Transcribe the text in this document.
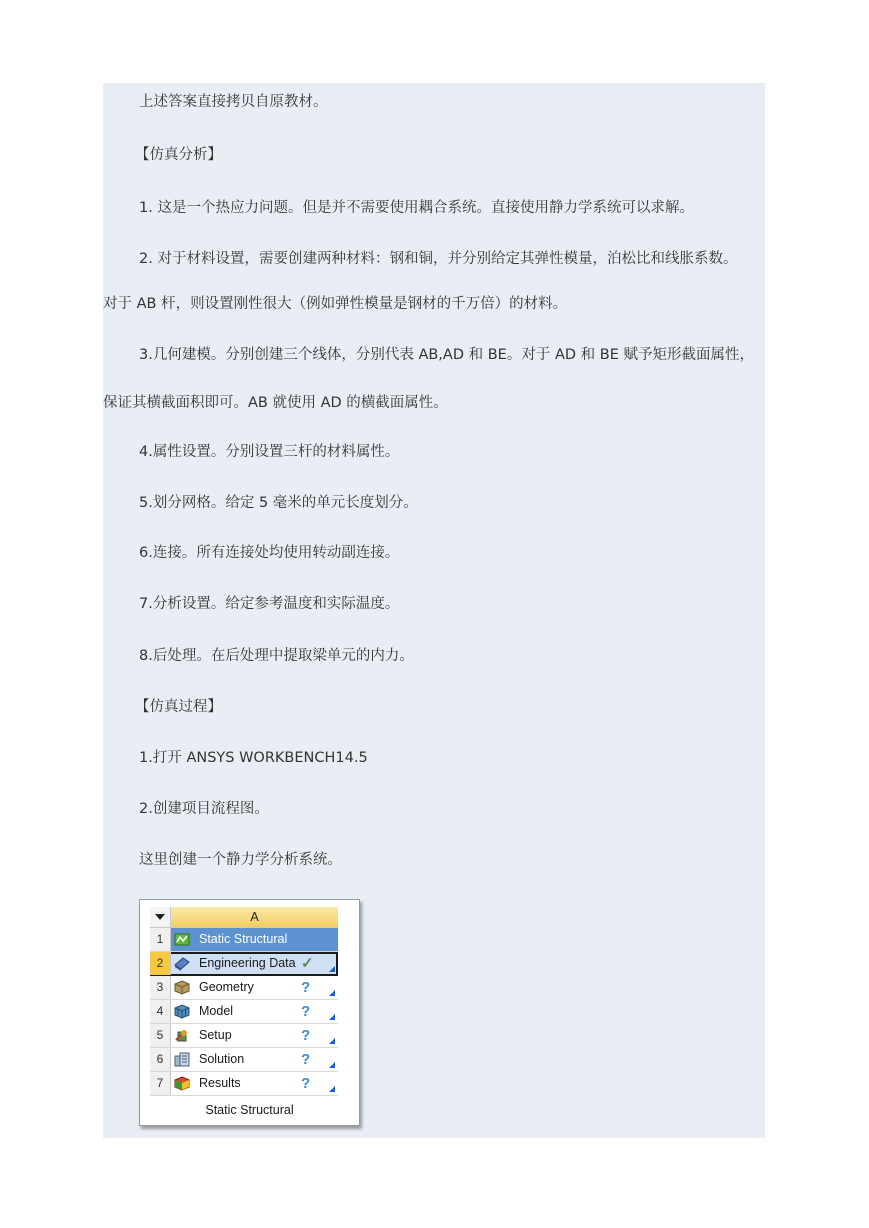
上述答案直接拷贝自原教材。
【仿真分析】
1. 这是一个热应力问题。但是并不需要使用耦合系统。直接使用静力学系统可以求解。
2. 对于材料设置，需要创建两种材料：钢和铜，并分别给定其弹性模量，泊松比和线胀系数。
对于 AB 杆，则设置刚性很大（例如弹性模量是钢材的千万倍）的材料。
3.几何建模。分别创建三个线体，分别代表 AB,AD 和 BE。对于 AD 和 BE 赋予矩形截面属性，
保证其横截面积即可。AB 就使用 AD 的横截面属性。
4.属性设置。分别设置三杆的材料属性。
5.划分网格。给定 5 毫米的单元长度划分。
6.连接。所有连接处均使用转动副连接。
7.分析设置。给定参考温度和实际温度。
8.后处理。在后处理中提取梁单元的内力。
【仿真过程】
1.打开 ANSYS WORKBENCH14.5
2.创建项目流程图。
这里创建一个静力学分析系统。
A
1	Static Structural
2	Engineering Data ✓
3	Geometry	?
4	Model	?
5	Setup	?
6	Solution	?
7	Results	?
Static Structural
